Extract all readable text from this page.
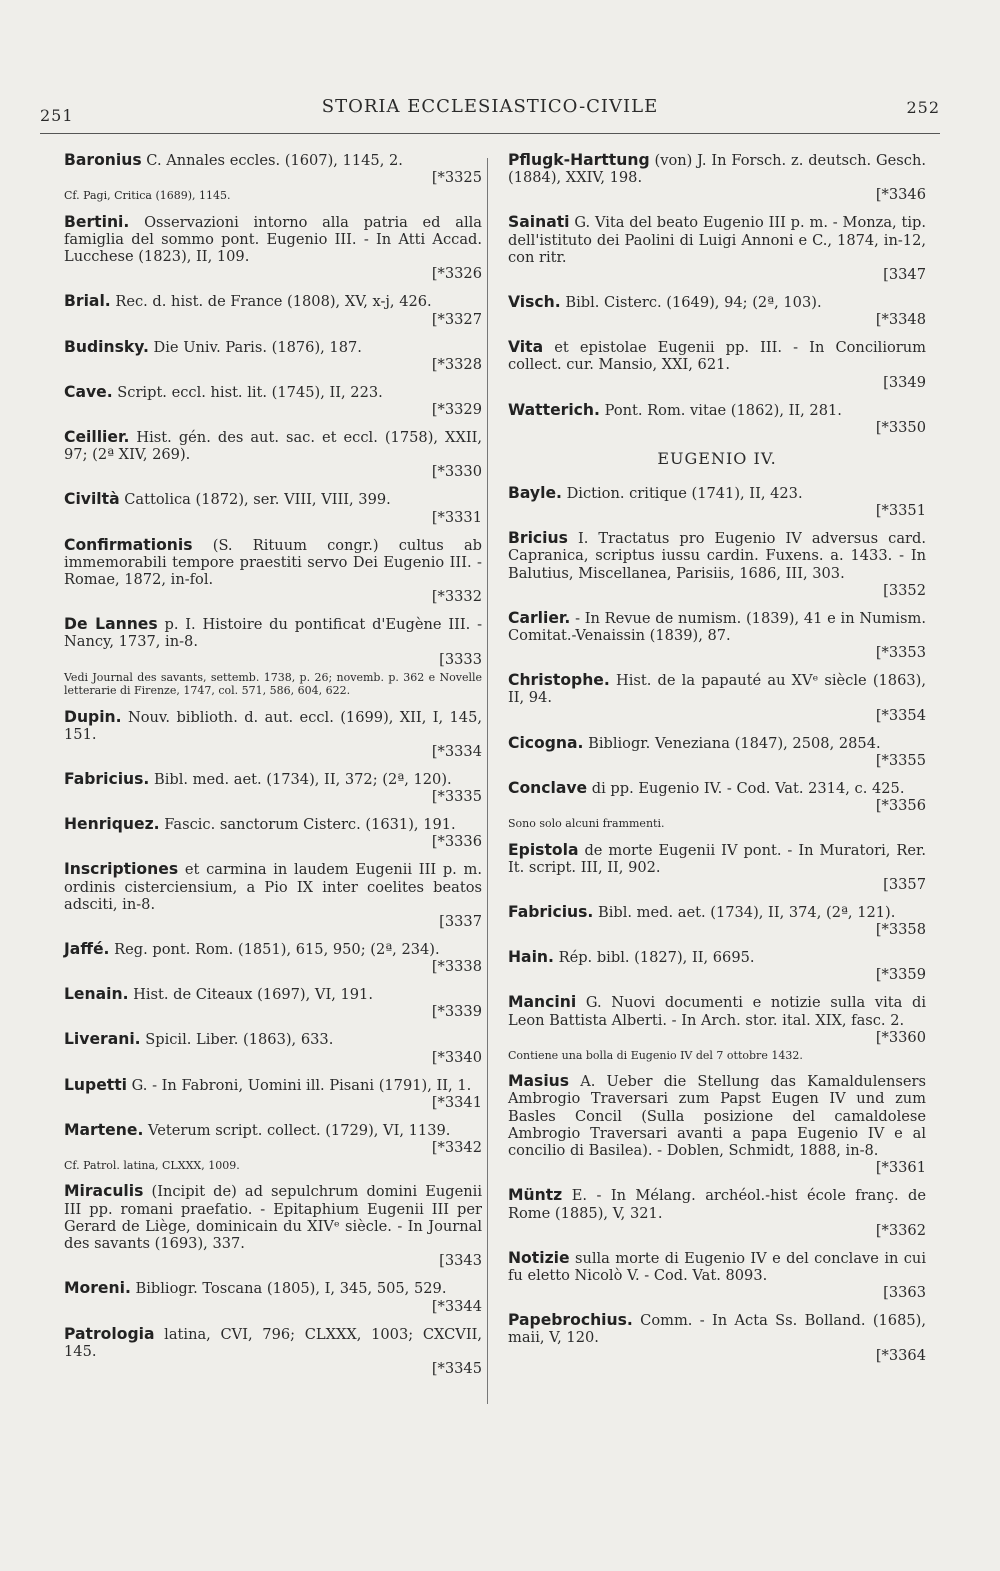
251	STORIA ECCLESIASTICO-CIVILE	252
Baronius C. Annales eccles. (1607), 1145, 2.
[*3325
Cf. Pagi, Critica (1689), 1145.
Bertini. Osservazioni intorno alla patria ed alla famiglia del sommo pont. Eugenio III. - In Atti Accad. Lucchese (1823), II, 109.
[*3326
Brial. Rec. d. hist. de France (1808), XV, x-j, 426.
[*3327
Budinsky. Die Univ. Paris. (1876), 187.
[*3328
Cave. Script. eccl. hist. lit. (1745), II, 223.
[*3329
Ceillier. Hist. gén. des aut. sac. et eccl. (1758), XXII, 97; (2ª XIV, 269).
[*3330
Civiltà Cattolica (1872), ser. VIII, VIII, 399.
[*3331
Confirmationis (S. Rituum congr.) cultus ab immemorabili tempore praestiti servo Dei Eugenio III. - Romae, 1872, in-fol.
[*3332
De Lannes p. I. Histoire du pontificat d'Eugène III. - Nancy, 1737, in-8.
[3333
Vedi Journal des savants, settemb. 1738, p. 26; novemb. p. 362 e Novelle letterarie di Firenze, 1747, col. 571, 586, 604, 622.
Dupin. Nouv. biblioth. d. aut. eccl. (1699), XII, I, 145, 151.
[*3334
Fabricius. Bibl. med. aet. (1734), II, 372; (2ª, 120).
[*3335
Henriquez. Fascic. sanctorum Cisterc. (1631), 191.
[*3336
Inscriptiones et carmina in laudem Eugenii III p. m. ordinis cisterciensium, a Pio IX inter coelites beatos adsciti, in-8.
[3337
Jaffé. Reg. pont. Rom. (1851), 615, 950; (2ª, 234).
[*3338
Lenain. Hist. de Citeaux (1697), VI, 191.
[*3339
Liverani. Spicil. Liber. (1863), 633.
[*3340
Lupetti G. - In Fabroni, Uomini ill. Pisani (1791), II, 1.
[*3341
Martene. Veterum script. collect. (1729), VI, 1139.
[*3342
Cf. Patrol. latina, CLXXX, 1009.
Miraculis (Incipit de) ad sepulchrum domini Eugenii III pp. romani praefatio. - Epitaphium Eugenii III per Gerard de Liège, dominicain du XIVᵉ siècle. - In Journal des savants (1693), 337.
[3343
Moreni. Bibliogr. Toscana (1805), I, 345, 505, 529.
[*3344
Patrologia latina, CVI, 796; CLXXX, 1003; CXCVII, 145.
[*3345
Pflugk-Harttung (von) J. In Forsch. z. deutsch. Gesch. (1884), XXIV, 198.
[*3346
Sainati G. Vita del beato Eugenio III p. m. - Monza, tip. dell'istituto dei Paolini di Luigi Annoni e C., 1874, in-12, con ritr.
[3347
Visch. Bibl. Cisterc. (1649), 94; (2ª, 103).
[*3348
Vita et epistolae Eugenii pp. III. - In Conciliorum collect. cur. Mansio, XXI, 621.
[3349
Watterich. Pont. Rom. vitae (1862), II, 281.
[*3350
EUGENIO IV.
Bayle. Diction. critique (1741), II, 423.
[*3351
Bricius I. Tractatus pro Eugenio IV adversus card. Capranica, scriptus iussu cardin. Fuxens. a. 1433. - In Balutius, Miscellanea, Parisiis, 1686, III, 303.
[3352
Carlier. - In Revue de numism. (1839), 41 e in Numism. Comitat.-Venaissin (1839), 87.
[*3353
Christophe. Hist. de la papauté au XVᵉ siècle (1863), II, 94.
[*3354
Cicogna. Bibliogr. Veneziana (1847), 2508, 2854.
[*3355
Conclave di pp. Eugenio IV. - Cod. Vat. 2314, c. 425.
[*3356
Sono solo alcuni frammenti.
Epistola de morte Eugenii IV pont. - In Muratori, Rer. It. script. III, II, 902.
[3357
Fabricius. Bibl. med. aet. (1734), II, 374, (2ª, 121).
[*3358
Hain. Rép. bibl. (1827), II, 6695.
[*3359
Mancini G. Nuovi documenti e notizie sulla vita di Leon Battista Alberti. - In Arch. stor. ital. XIX, fasc. 2.
[*3360
Contiene una bolla di Eugenio IV del 7 ottobre 1432.
Masius A. Ueber die Stellung das Kamaldulensers Ambrogio Traversari zum Papst Eugen IV und zum Basles Concil (Sulla posizione del camaldolese Ambrogio Traversari avanti a papa Eugenio IV e al concilio di Basilea). - Doblen, Schmidt, 1888, in-8.
[*3361
Müntz E. - In Mélang. archéol.-hist école franç. de Rome (1885), V, 321.
[*3362
Notizie sulla morte di Eugenio IV e del conclave in cui fu eletto Nicolò V. - Cod. Vat. 8093.
[3363
Papebrochius. Comm. - In Acta Ss. Bolland. (1685), maii, V, 120.
[*3364
